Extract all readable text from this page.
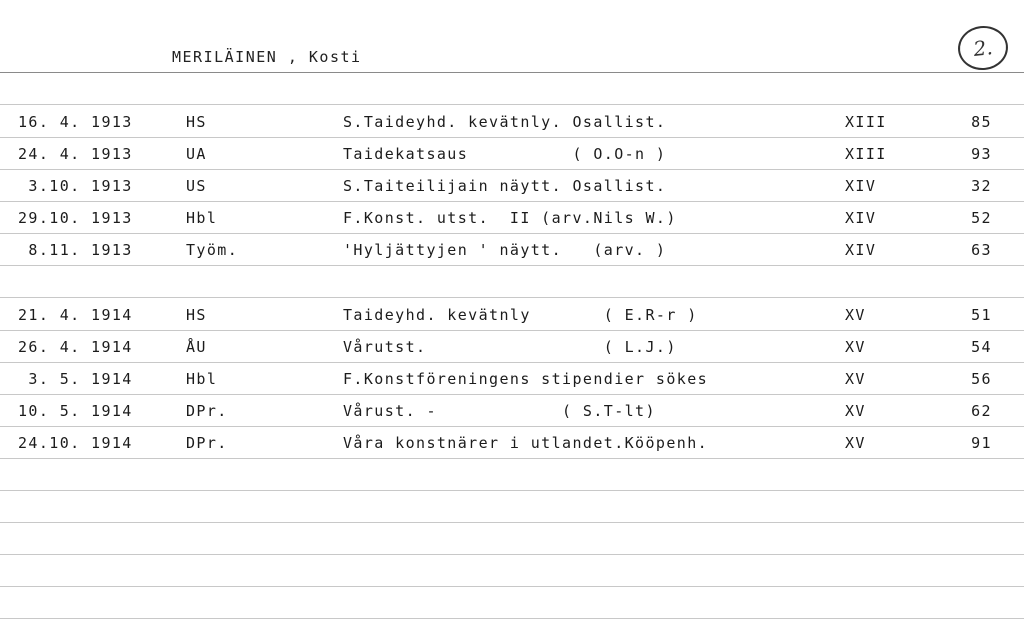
MERILÄINEN , Kosti	2.
16. 4. 1913	HS	S.Taideyhd. kevätnly. Osallist.	XIII	85
24. 4. 1913	UA	Taidekatsaus          ( O.O-n )	XIII	93
3.10. 1913	US	S.Taiteilijain näytt. Osallist.	XIV	32
29.10. 1913	Hbl	F.Konst. utst.  II (arv.Nils W.)	XIV	52
8.11. 1913	Työm.	'Hyljättyjen ' näytt.   (arv. )	XIV	63
21. 4. 1914	HS	Taideyhd. kevätnly       ( E.R-r )	XV	51
26. 4. 1914	ÅU	Vårutst.                 ( L.J.)	XV	54
3. 5. 1914	Hbl	F.Konstföreningens stipendier sökes	XV	56
10. 5. 1914	DPr.	Vårust. -            ( S.T-lt)	XV	62
24.10. 1914	DPr.	Våra konstnärer i utlandet.Kööpenh.	XV	91
